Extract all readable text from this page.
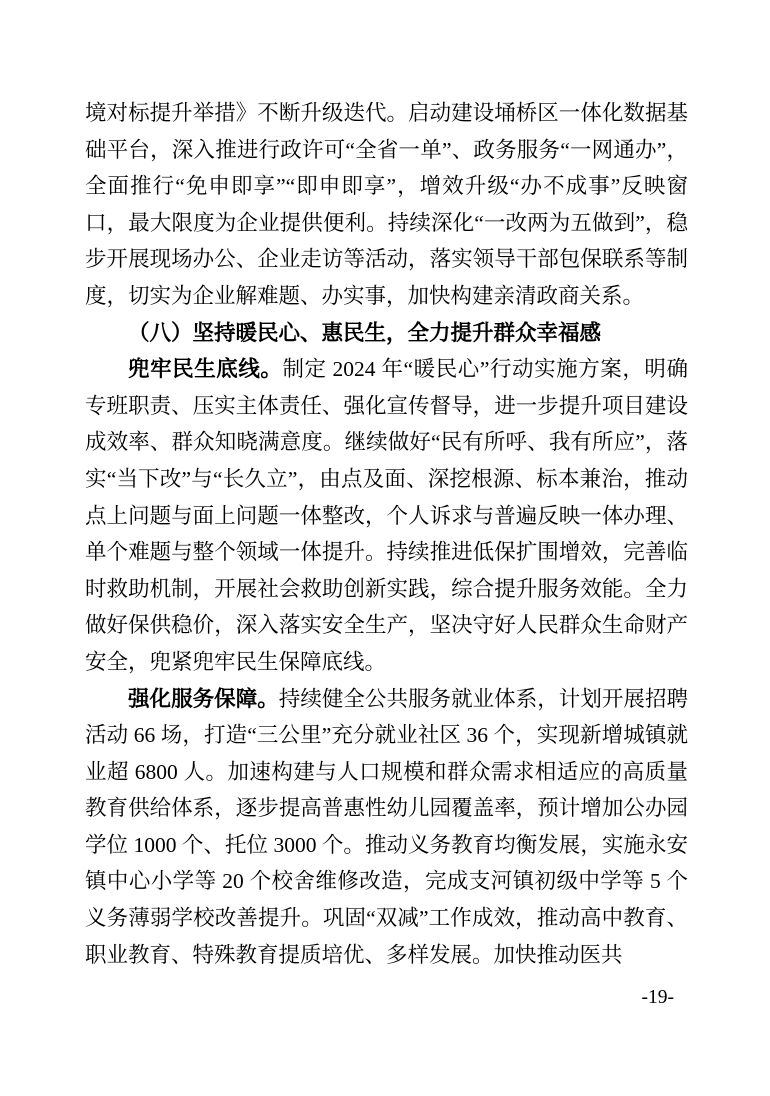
境对标提升举措》不断升级迭代。启动建设埇桥区一体化数据基础平台，深入推进行政许可“全省一单”、政务服务“一网通办”，全面推行“免申即享”“即申即享”，增效升级“办不成事”反映窗口，最大限度为企业提供便利。持续深化“一改两为五做到”，稳步开展现场办公、企业走访等活动，落实领导干部包保联系等制度，切实为企业解难题、办实事，加快构建亲清政商关系。

（八）坚持暖民心、惠民生，全力提升群众幸福感

兜牢民生底线。制定 2024 年“暖民心”行动实施方案，明确专班职责、压实主体责任、强化宣传督导，进一步提升项目建设成效率、群众知晓满意度。继续做好“民有所呼、我有所应”，落实“当下改”与“长久立”，由点及面、深挖根源、标本兼治，推动点上问题与面上问题一体整改，个人诉求与普遍反映一体办理、单个难题与整个领域一体提升。持续推进低保扩围增效，完善临时救助机制，开展社会救助创新实践，综合提升服务效能。全力做好保供稳价，深入落实安全生产，坚决守好人民群众生命财产安全，兜紧兜牢民生保障底线。

强化服务保障。持续健全公共服务就业体系，计划开展招聘活动 66 场，打造“三公里”充分就业社区 36 个，实现新增城镇就业超 6800 人。加速构建与人口规模和群众需求相适应的高质量教育供给体系，逐步提高普惠性幼儿园覆盖率，预计增加公办园学位 1000 个、托位 3000 个。推动义务教育均衡发展，实施永安镇中心小学等 20 个校舍维修改造，完成支河镇初级中学等 5 个义务薄弱学校改善提升。巩固“双减”工作成效，推动高中教育、职业教育、特殊教育提质培优、多样发展。加快推动医共

-19-
